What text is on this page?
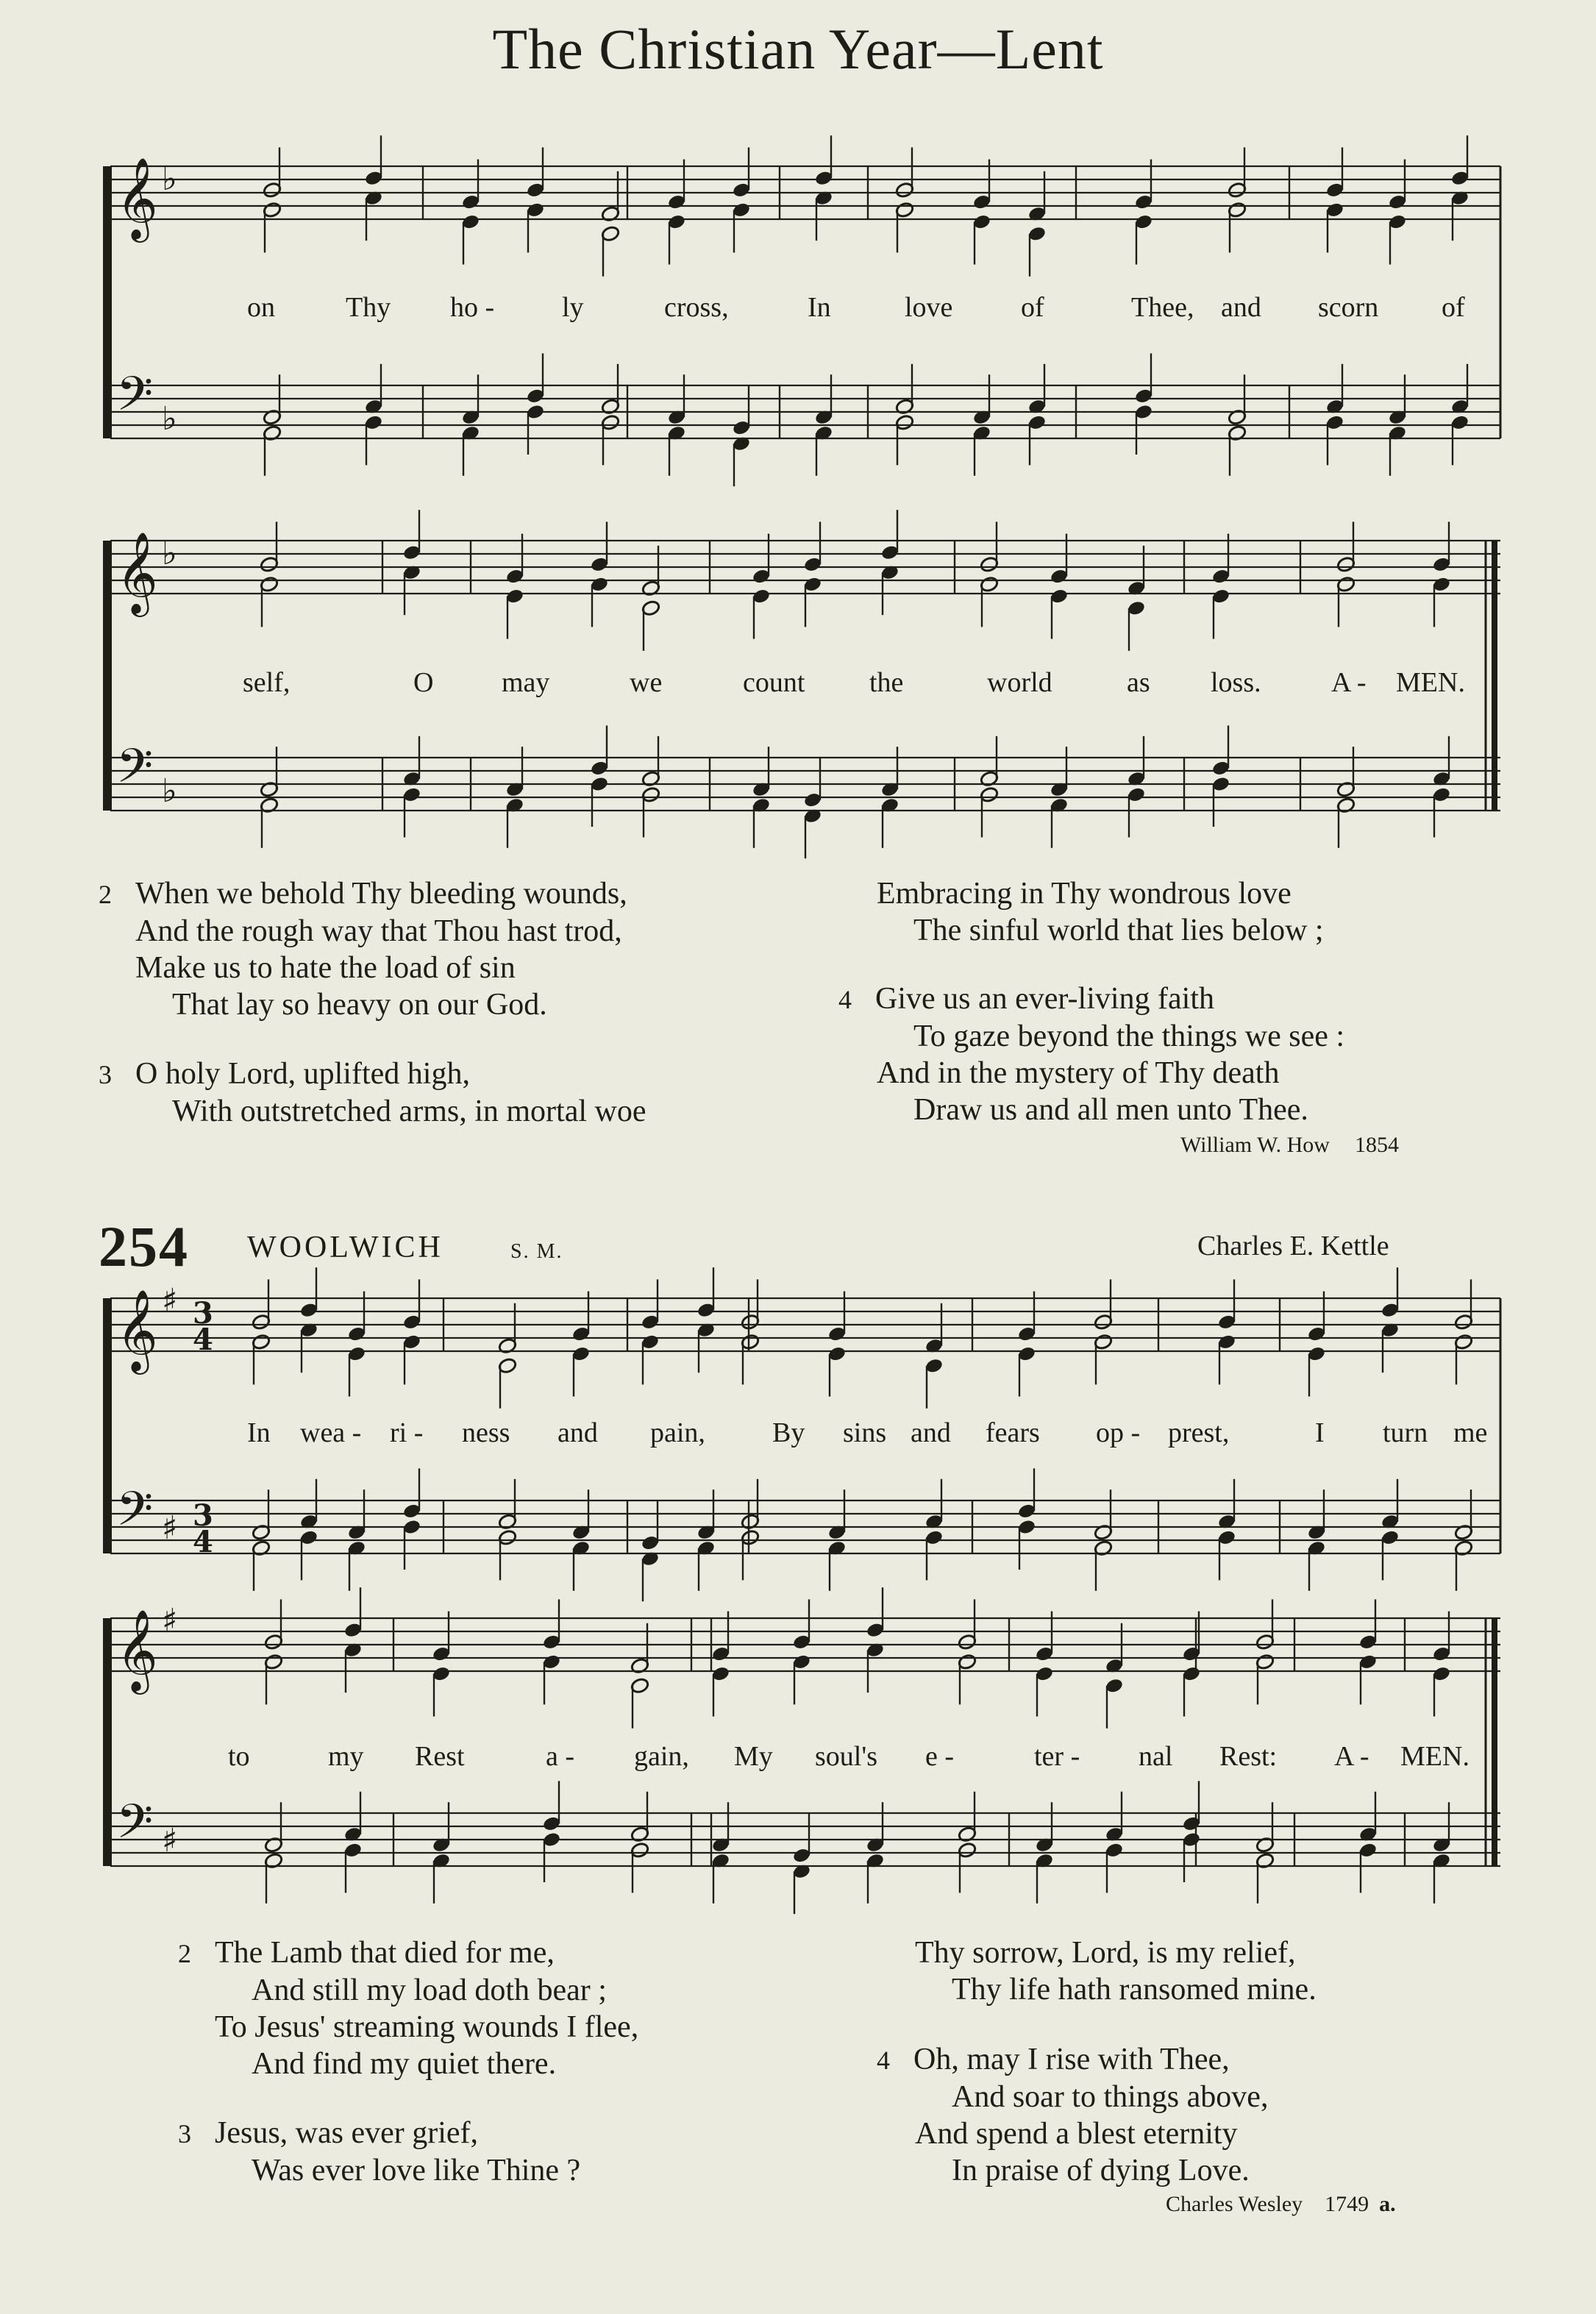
The Christian Year—Lent
𝄞
𝄢
♭
♭
𝄞
𝄢
♭
♭
𝄞
𝄢
♯
♯
3
4
3
4
𝄞
𝄢
♯
♯
on	Thy ho - ly	cross,	In	love of	Thee, and scorn of
self,	O may	we	count the	world	as loss.	A - MEN.
2 When we behold Thy bleeding wounds,
And the rough way that Thou hast trod,
Make us to hate the load of sin
That lay so heavy on our God.
3 O holy Lord, uplifted high,
With outstretched arms, in mortal woe
Embracing in Thy wondrous love
The sinful world that lies below ;
4 Give us an ever-living faith
To gaze beyond the things we see :
And in the mystery of Thy death
Draw us and all men unto Thee.
William W. How 1854
254 WOOLWICH	S. M.	Charles E. Kettle
In wea - ri - ness and pain, By sins and fears op - prest,	I turn me
to	my Rest	a - gain, My soul's e -	ter - nal Rest: A - MEN.
2 The Lamb that died for me,
And still my load doth bear ;
To Jesus' streaming wounds I flee,
And find my quiet there.
3 Jesus, was ever grief,
Was ever love like Thine ?
Thy sorrow, Lord, is my relief,
Thy life hath ransomed mine.
4 Oh, may I rise with Thee,
And soar to things above,
And spend a blest eternity
In praise of dying Love.
Charles Wesley 1749 a.
